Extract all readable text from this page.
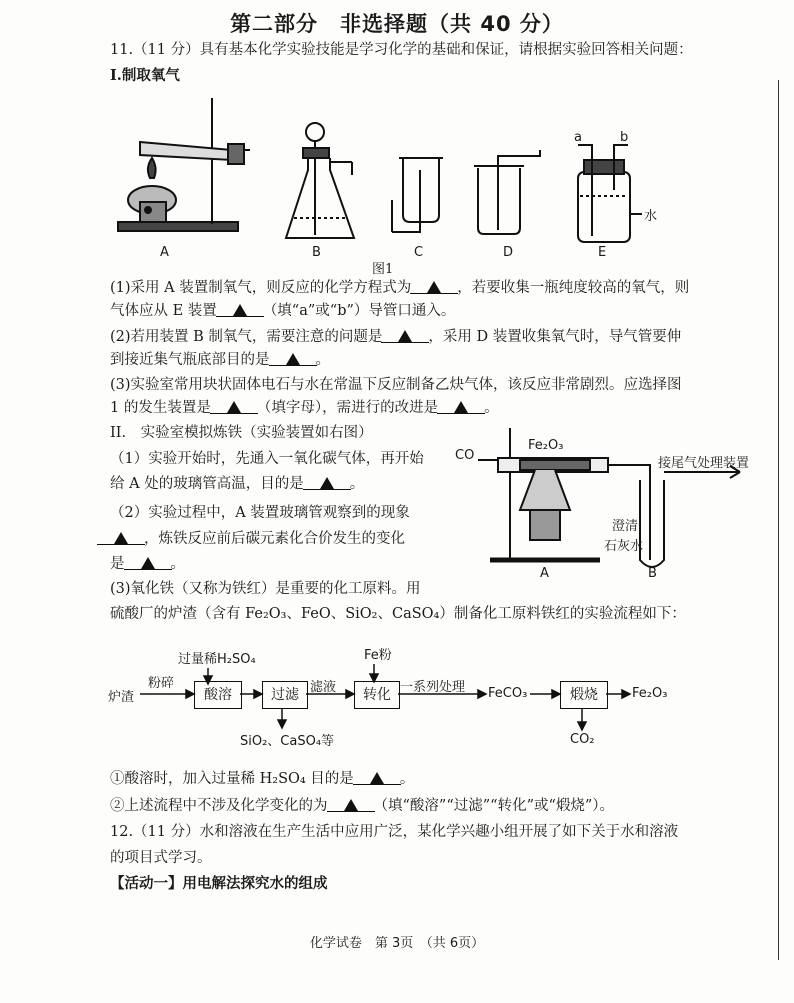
第二部分　非选择题（共 40 分）
11.（11 分）具有基本化学实验技能是学习化学的基础和保证，请根据实验回答相关问题：
I.制取氧气
A	B	C	D	E
a	b
水
图1
(1)采用 A 装置制氧气，则反应的化学方程式为	，若要收集一瓶纯度较高的氧气，则
气体应从 E 装置	（填“a”或“b”）导管口通入。
(2)若用装置 B 制氧气，需要注意的问题是	，采用 D 装置收集氧气时，导气管要伸
到接近集气瓶底部目的是	。
(3)实验室常用块状固体电石与水在常温下反应制备乙炔气体，该反应非常剧烈。应选择图
1 的发生装置是	（填字母），需进行的改进是	。
II.　实验室模拟炼铁（实验装置如右图）
（1）实验开始时，先通入一氧化碳气体，再开始
给 A 处的玻璃管高温，目的是	。
（2）实验过程中，A 装置玻璃管观察到的现象
，炼铁反应前后碳元素化合价发生的变化
是	。
CO
Fe₂O₃
接尾气处理装置
澄清
石灰水
A	B
(3)氧化铁（又称为铁红）是重要的化工原料。用
硫酸厂的炉渣（含有 Fe₂O₃、FeO、SiO₂、CaSO₄）制备化工原料铁红的实验流程如下：
过量稀H₂SO₄	Fe粉
炉渣
粉碎
酸溶	过滤 滤液	转化 一系列处理 FeCO₃	煅烧	Fe₂O₃
SiO₂、CaSO₄等	CO₂
①酸溶时，加入过量稀 H₂SO₄ 目的是	。
②上述流程中不涉及化学变化的为	（填“酸溶”“过滤”“转化”或“煅烧”）。
12.（11 分）水和溶液在生产生活中应用广泛，某化学兴趣小组开展了如下关于水和溶液
的项目式学习。
【活动一】用电解法探究水的组成
化学试卷　第 3页　（共 6页）
